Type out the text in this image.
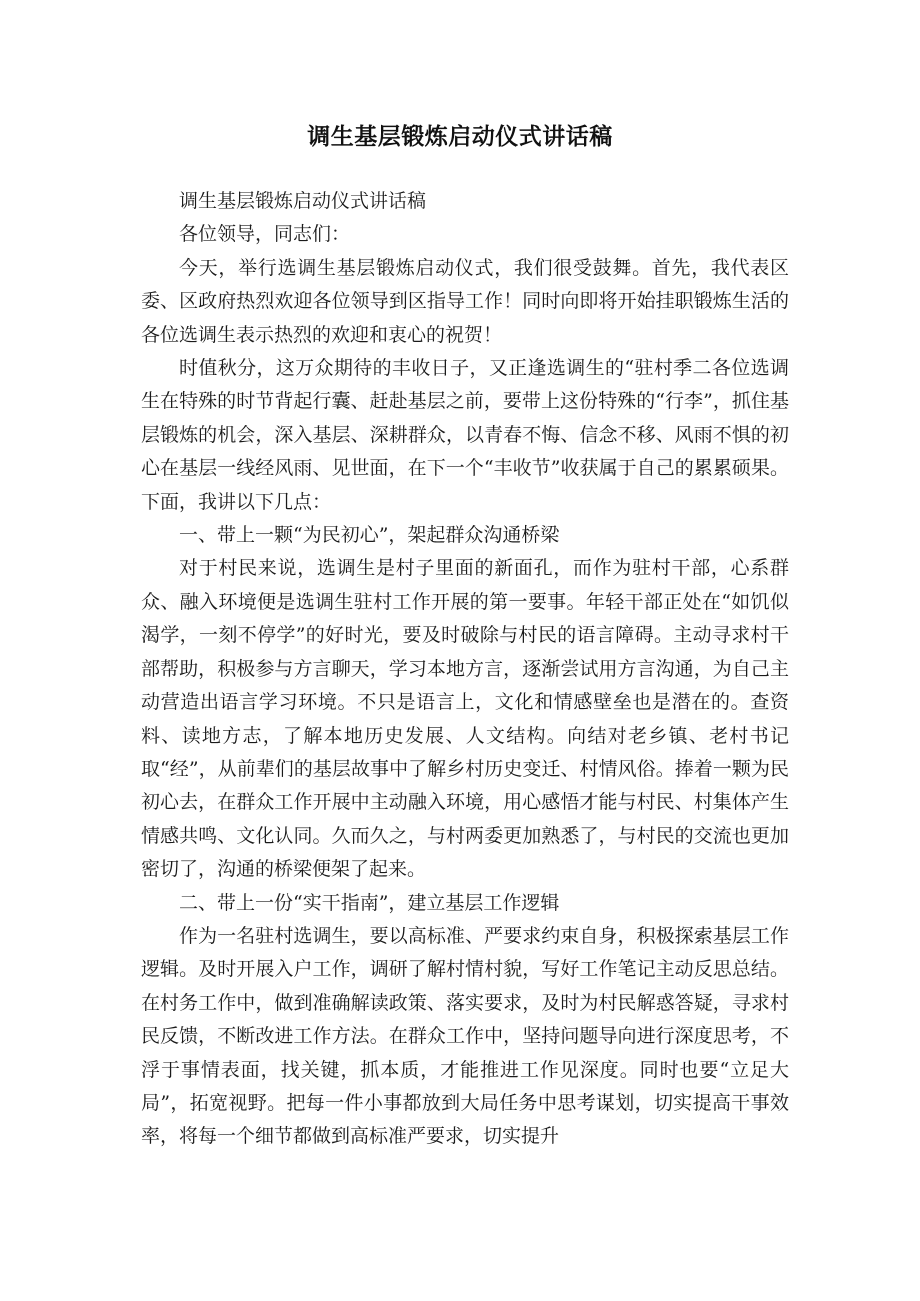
调生基层锻炼启动仪式讲话稿

调生基层锻炼启动仪式讲话稿

各位领导，同志们：

今天，举行选调生基层锻炼启动仪式，我们很受鼓舞。首先，我代表区委、区政府热烈欢迎各位领导到区指导工作！同时向即将开始挂职锻炼生活的各位选调生表示热烈的欢迎和衷心的祝贺！

时值秋分，这万众期待的丰收日子，又正逢选调生的“驻村季二各位选调生在特殊的时节背起行囊、赶赴基层之前，要带上这份特殊的“行李”，抓住基层锻炼的机会，深入基层、深耕群众，以青春不悔、信念不移、风雨不惧的初心在基层一线经风雨、见世面，在下一个“丰收节”收获属于自己的累累硕果。下面，我讲以下几点：

一、带上一颗“为民初心”，架起群众沟通桥梁

对于村民来说，选调生是村子里面的新面孔，而作为驻村干部，心系群众、融入环境便是选调生驻村工作开展的第一要事。年轻干部正处在“如饥似渴学，一刻不停学”的好时光，要及时破除与村民的语言障碍。主动寻求村干部帮助，积极参与方言聊天，学习本地方言，逐渐尝试用方言沟通，为自己主动营造出语言学习环境。不只是语言上，文化和情感壁垒也是潜在的。查资料、读地方志，了解本地历史发展、人文结构。向结对老乡镇、老村书记取“经”，从前辈们的基层故事中了解乡村历史变迁、村情风俗。捧着一颗为民初心去，在群众工作开展中主动融入环境，用心感悟才能与村民、村集体产生情感共鸣、文化认同。久而久之，与村两委更加熟悉了，与村民的交流也更加密切了，沟通的桥梁便架了起来。

二、带上一份“实干指南”，建立基层工作逻辑

作为一名驻村选调生，要以高标准、严要求约束自身，积极探索基层工作逻辑。及时开展入户工作，调研了解村情村貌，写好工作笔记主动反思总结。在村务工作中，做到准确解读政策、落实要求，及时为村民解惑答疑，寻求村民反馈，不断改进工作方法。在群众工作中，坚持问题导向进行深度思考，不浮于事情表面，找关键，抓本质，才能推进工作见深度。同时也要“立足大局”，拓宽视野。把每一件小事都放到大局任务中思考谋划，切实提高干事效率，将每一个细节都做到高标准严要求，切实提升
